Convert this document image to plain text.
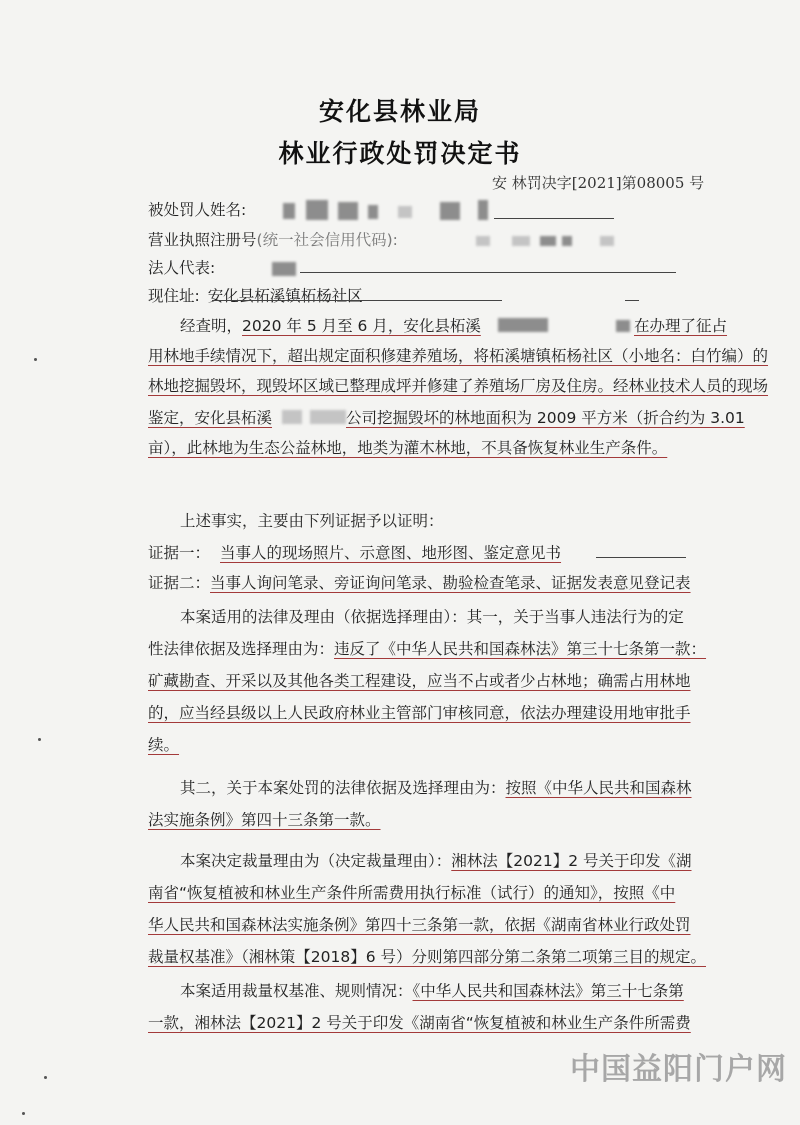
安化县林业局
林业行政处罚决定书
安 林罚决字[2021]第08005 号
被处罚人姓名:
营业执照注册号(统一社会信用代码):
法人代表:
现住址: 安化县柘溪镇柘杨社区
经查明，2020 年 5 月至 6 月，安化县柘溪	在办理了征占
用林地手续情况下，超出规定面积修建养殖场，将柘溪塘镇柘杨社区（小地名：白竹编）的
林地挖掘毁坏，现毁坏区域已整理成坪并修建了养殖场厂房及住房。经林业技术人员的现场
鉴定，安化县柘溪	公司挖掘毁坏的林地面积为 2009 平方米（折合约为 3.01
亩），此林地为生态公益林地，地类为灌木林地，不具备恢复林业生产条件。
上述事实，主要由下列证据予以证明：
证据一： 当事人的现场照片、示意图、地形图、鉴定意见书
证据二：当事人询问笔录、旁证询问笔录、勘验检查笔录、证据发表意见登记表
本案适用的法律及理由（依据选择理由）：其一，关于当事人违法行为的定
性法律依据及选择理由为：违反了《中华人民共和国森林法》第三十七条第一款：
矿藏勘查、开采以及其他各类工程建设，应当不占或者少占林地；确需占用林地
的，应当经县级以上人民政府林业主管部门审核同意，依法办理建设用地审批手
续。
其二，关于本案处罚的法律依据及选择理由为：按照《中华人民共和国森林
法实施条例》第四十三条第一款。
本案决定裁量理由为（决定裁量理由）：湘林法【2021】2 号关于印发《湖
南省“恢复植被和林业生产条件所需费用执行标准（试行）的通知》，按照《中
华人民共和国森林法实施条例》第四十三条第一款，依据《湖南省林业行政处罚
裁量权基准》（湘林策【2018】6 号）分则第四部分第二条第二项第三目的规定。
本案适用裁量权基准、规则情况：《中华人民共和国森林法》第三十七条第
一款，湘林法【2021】2 号关于印发《湖南省“恢复植被和林业生产条件所需费
中国益阳门户网
